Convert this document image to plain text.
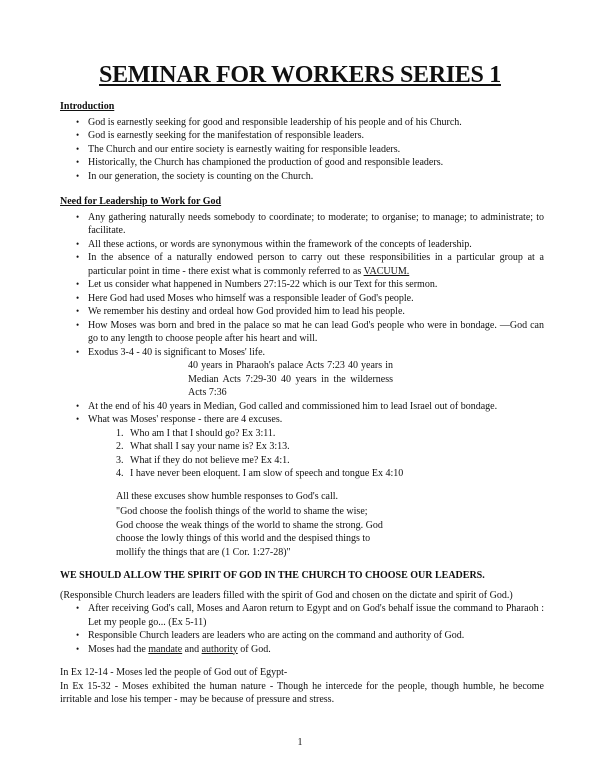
SEMINAR FOR WORKERS SERIES 1
Introduction
• God is earnestly seeking for good and responsible leadership of his people and of his Church.
• God is earnestly seeking for the manifestation of responsible leaders.
• The Church and our entire society is earnestly waiting for responsible leaders.
• Historically, the Church has championed the production of good and responsible leaders.
• In our generation, the society is counting on the Church.
Need for Leadership to Work for God
• Any gathering naturally needs somebody to coordinate; to moderate; to organise; to manage; to administrate; to facilitate.
• All these actions, or words are synonymous within the framework of the concepts of leadership.
• In the absence of a naturally endowed person to carry out these responsibilities in a particular group at a particular point in time - there exist what is commonly referred to as VACUUM.
• Let us consider what happened in Numbers 27:15-22 which is our Text for this sermon.
• Here God had used Moses who himself was a responsible leader of God's people.
• We remember his destiny and ordeal how God provided him to lead his people.
• How Moses was born and bred in the palace so mat he can lead God's people who were in bondage. —God can go to any length to choose people after his heart and will.
• Exodus 3-4 - 40 is significant to Moses' life.
40 years in Pharaoh's palace Acts 7:23 40 years in Median Acts 7:29-30 40 years in the wilderness Acts 7:36
• At the end of his 40 years in Median, God called and commissioned him to lead Israel out of bondage.
• What was Moses' response - there are 4 excuses.
1. Who am I that I should go? Ex 3:11.
2. What shall I say your name is? Ex 3:13.
3. What if they do not believe me? Ex 4:1.
4. I have never been eloquent. I am slow of speech and tongue Ex 4:10
All these excuses show humble responses to God's call.
"God choose the foolish things of the world to shame the wise; God choose the weak things of the world to shame the strong. God choose the lowly things of this world and the despised things to mollify the things that are (1 Cor. 1:27-28)"
WE SHOULD ALLOW THE SPIRIT OF GOD IN THE CHURCH TO CHOOSE OUR LEADERS.
(Responsible Church leaders are leaders filled with the spirit of God and chosen on the dictate and spirit of God.)
• After receiving God's call, Moses and Aaron return to Egypt and on God's behalf issue the command to Pharaoh : Let my people go... (Ex 5-11)
• Responsible Church leaders are leaders who are acting on the command and authority of God.
• Moses had the mandate and authority of God.
In Ex 12-14 - Moses led the people of God out of Egypt-
In Ex 15-32 - Moses exhibited the human nature - Though he intercede for the people, though humble, he become irritable and lose his temper - may be because of pressure and stress.
1
